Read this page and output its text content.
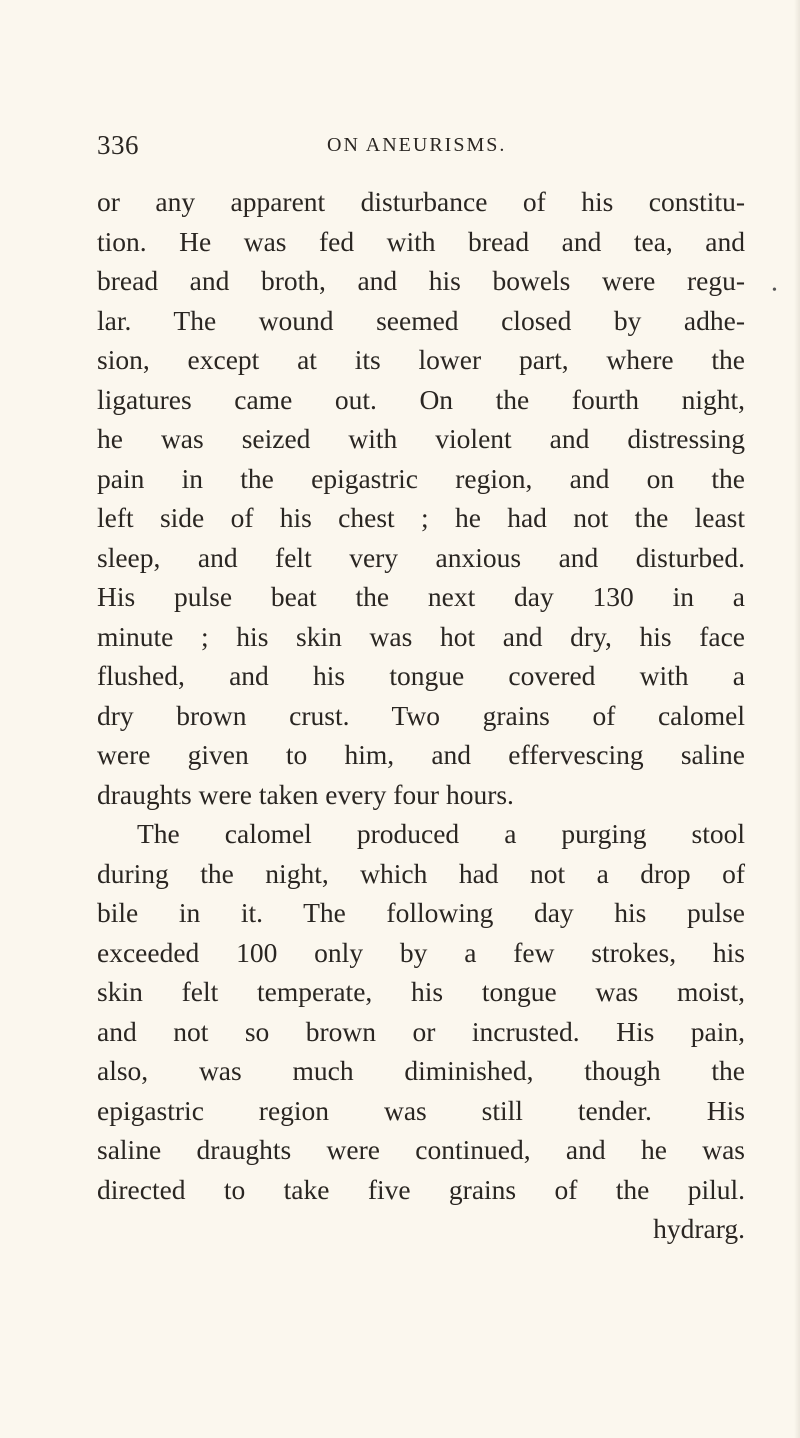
336	ON ANEURISMS.
•
or any apparent disturbance of his constitu-
tion. He was fed with bread and tea, and
bread and broth, and his bowels were regu-
lar. The wound seemed closed by adhe-
sion, except at its lower part, where the
ligatures came out. On the fourth night,
he was seized with violent and distressing
pain in the epigastric region, and on the
left side of his chest ; he had not the least
sleep, and felt very anxious and disturbed.
His pulse beat the next day 130 in a
minute ; his skin was hot and dry, his face
flushed, and his tongue covered with a
dry brown crust. Two grains of calomel
were given to him, and effervescing saline
draughts were taken every four hours.
The calomel produced a purging stool
during the night, which had not a drop of
bile in it. The following day his pulse
exceeded 100 only by a few strokes, his
skin felt temperate, his tongue was moist,
and not so brown or incrusted. His pain,
also, was much diminished, though the
epigastric region was still tender. His
saline draughts were continued, and he was
directed to take five grains of the pilul.
hydrarg.
